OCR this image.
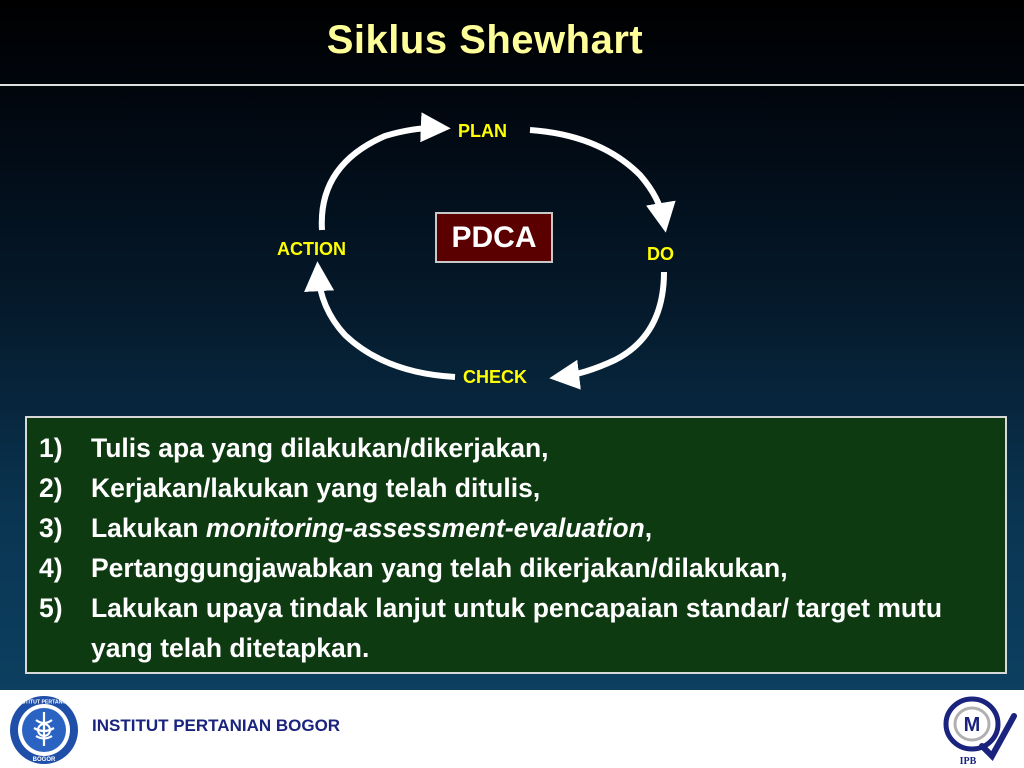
Siklus Shewhart
PLAN
DO
CHECK
ACTION	PDCA
1)	Tulis apa yang dilakukan/dikerjakan,
2)	Kerjakan/lakukan yang telah ditulis,
3)	Lakukan monitoring-assessment-evaluation,
4)	Pertanggungjawabkan yang telah dikerjakan/dilakukan,
5)	Lakukan upaya tindak lanjut untuk pencapaian standar/ target mutu yang telah ditetapkan.
INSTITUT PERTANIAN
BOGOR
INSTITUT PERTANIAN BOGOR	M
IPB
